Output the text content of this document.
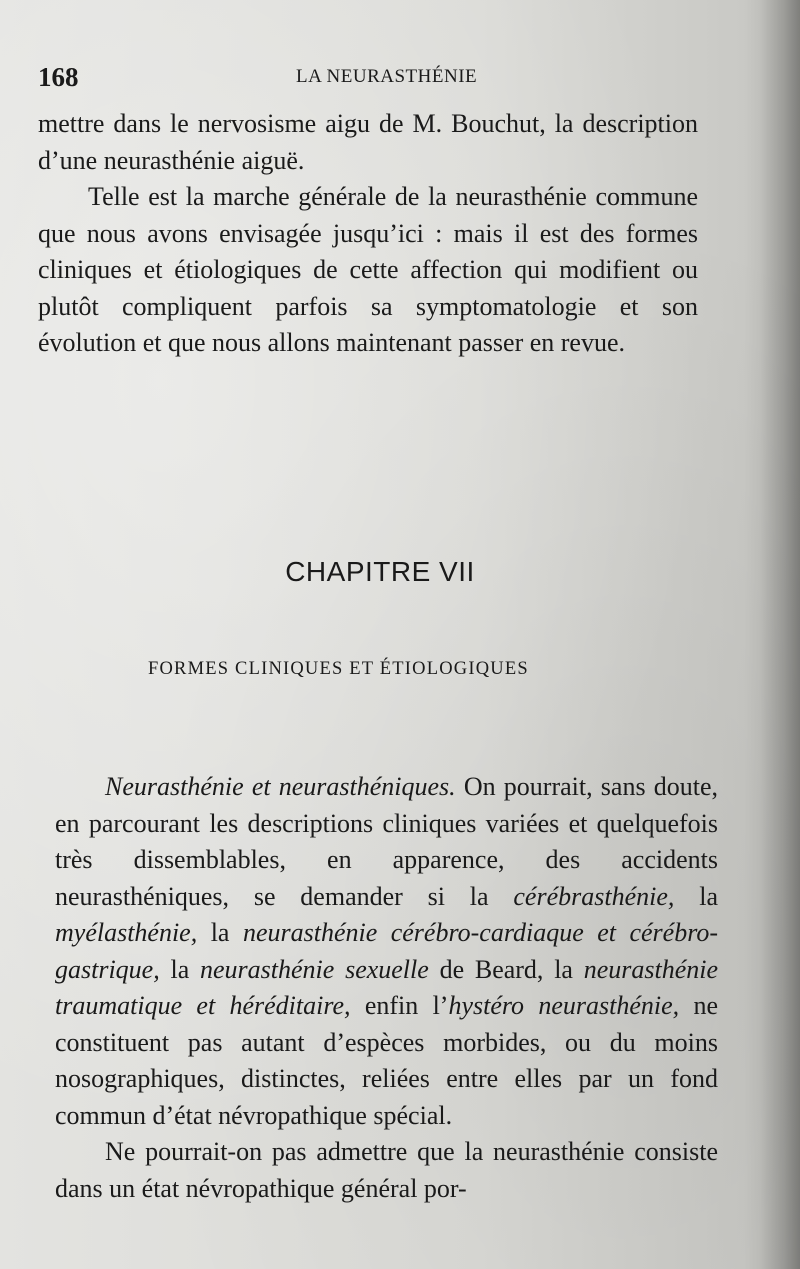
168	LA NEURASTHÉNIE

mettre dans le nervosisme aigu de M. Bouchut, la description d’une neurasthénie aiguë.

Telle est la marche générale de la neurasthénie commune que nous avons envisagée jusqu’ici : mais il est des formes cliniques et étiologiques de cette affection qui modifient ou plutôt compliquent parfois sa symptomatologie et son évolution et que nous allons maintenant passer en revue.

CHAPITRE VII
FORMES CLINIQUES ET ÉTIOLOGIQUES

Neurasthénie et neurasthéniques. On pourrait, sans doute, en parcourant les descriptions cliniques variées et quelquefois très dissemblables, en apparence, des accidents neurasthéniques, se demander si la cérébrasthénie, la myélasthénie, la neurasthénie cérébro-cardiaque et cérébro-gastrique, la neurasthénie sexuelle de Beard, la neurasthénie traumatique et héréditaire, enfin l’hystéro neurasthénie, ne constituent pas autant d’espèces morbides, ou du moins nosographiques, distinctes, reliées entre elles par un fond commun d’état névropathique spécial.

Ne pourrait-on pas admettre que la neurasthénie consiste dans un état névropathique général por-
